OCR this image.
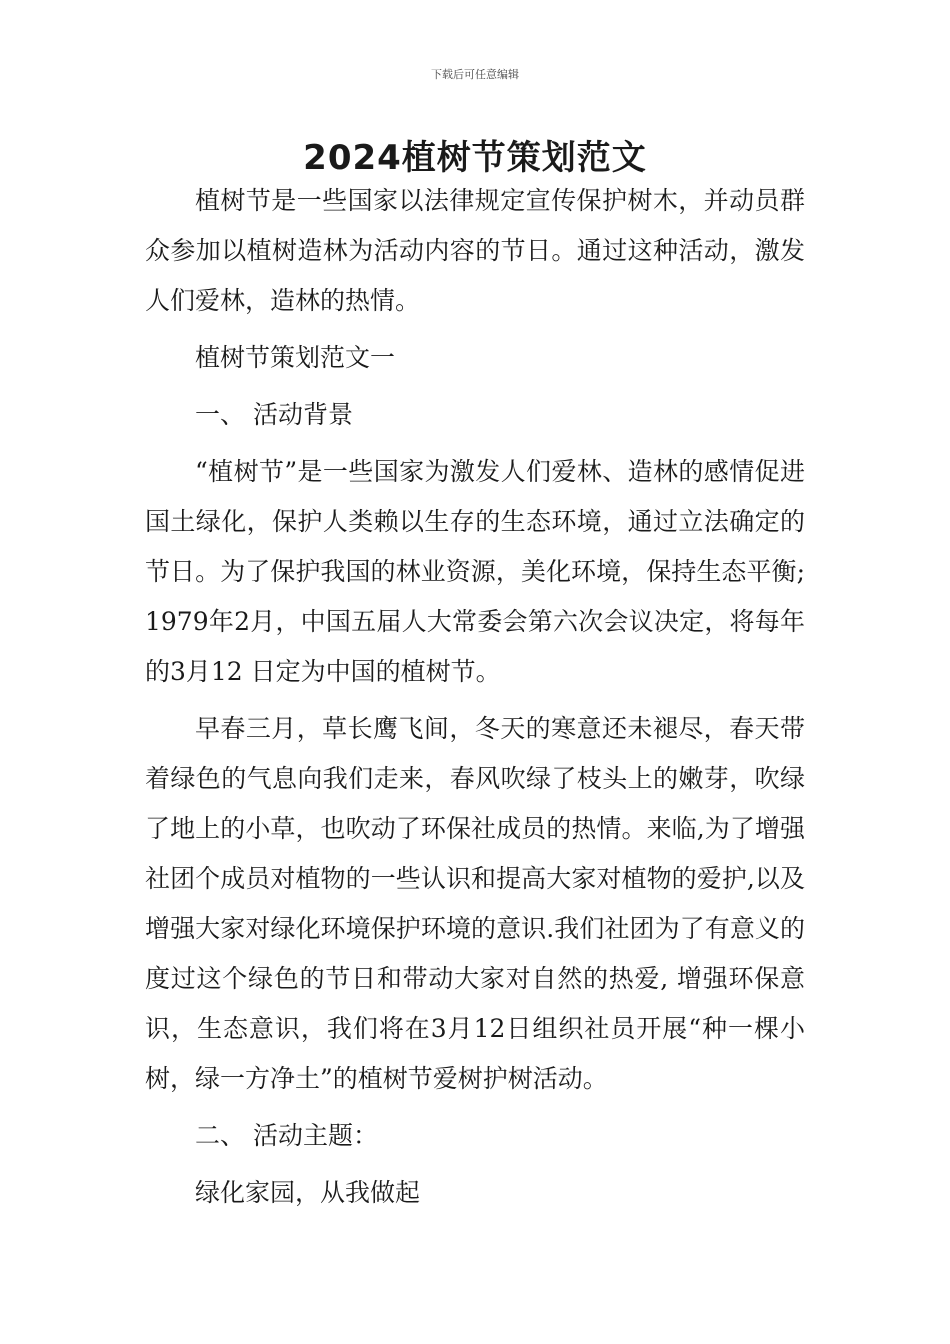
下载后可任意编辑
2024植树节策划范文

植树节是一些国家以法律规定宣传保护树木，并动员群众参加以植树造林为活动内容的节日。通过这种活动，激发人们爱林，造林的热情。

植树节策划范文一

一、 活动背景

“植树节”是一些国家为激发人们爱林、造林的感情促进国土绿化，保护人类赖以生存的生态环境，通过立法确定的节日。为了保护我国的林业资源，美化环境，保持生态平衡; 1979年2月，中国五届人大常委会第六次会议决定，将每年的3月12 日定为中国的植树节。

早春三月，草长鹰飞间，冬天的寒意还未褪尽，春天带着绿色的气息向我们走来，春风吹绿了枝头上的嫩芽，吹绿了地上的小草，也吹动了环保社成员的热情。来临,为了增强社团个成员对植物的一些认识和提高大家对植物的爱护,以及增强大家对绿化环境保护环境的意识.我们社团为了有意义的度过这个绿色的节日和带动大家对自然的热爱, 增强环保意识，生态意识，我们将在3月12日组织社员开展“种一棵小树，绿一方净土”的植树节爱树护树活动。

二、 活动主题：

绿化家园，从我做起
